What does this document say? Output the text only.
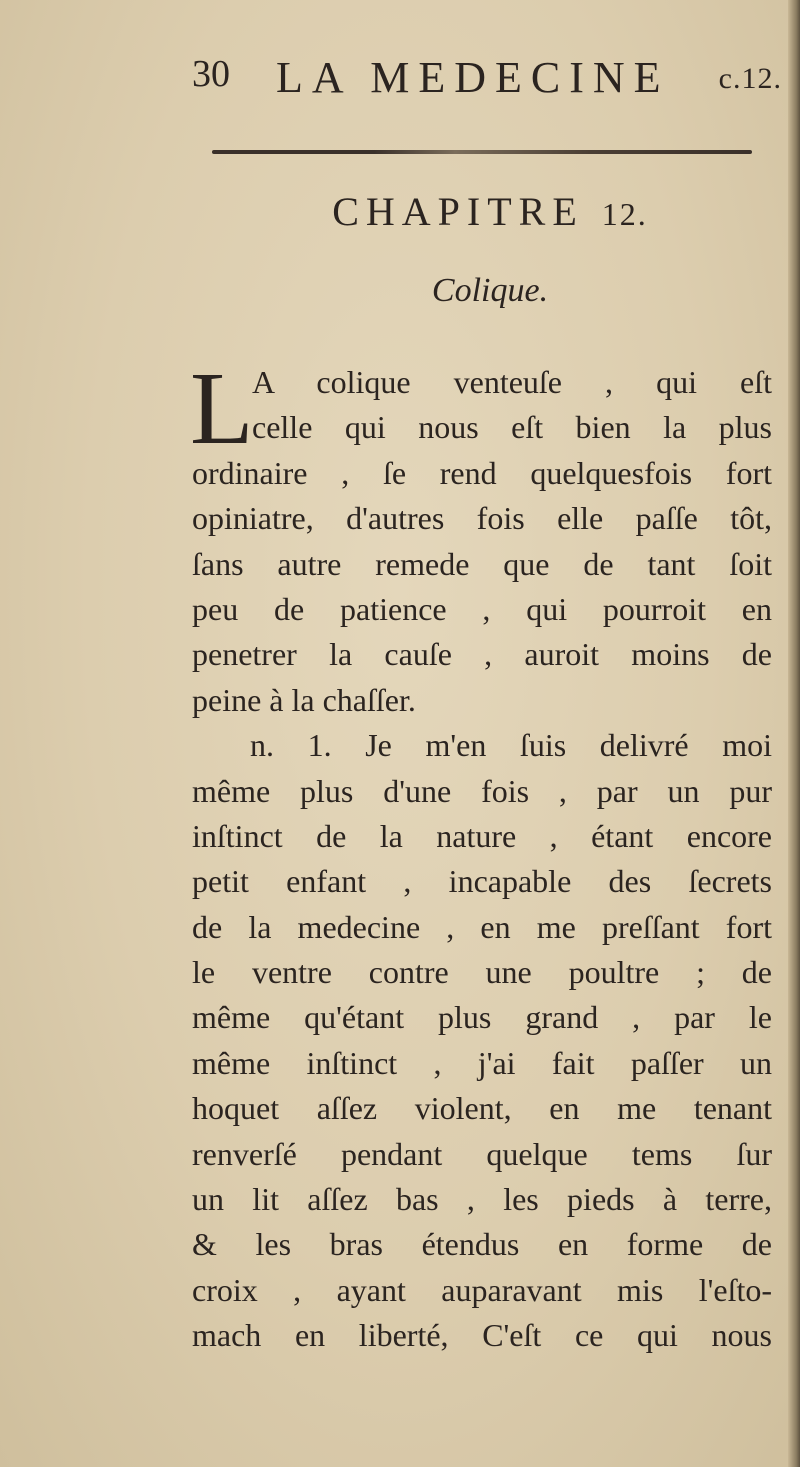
30 LA MEDECINE c.12.
CHAPITRE 12.
Colique.
L
A colique venteuſe , qui eſt
celle qui nous eſt bien la plus
ordinaire , ſe rend quelquesfois fort
opiniatre, d'autres fois elle paſſe tôt,
ſans autre remede que de tant ſoit
peu de patience , qui pourroit en
penetrer la cauſe , auroit moins de
peine à la chaſſer.
n. 1. Je m'en ſuis delivré moi
même plus d'une fois , par un pur
inſtinct de la nature , étant encore
petit enfant , incapable des ſecrets
de la medecine , en me preſſant fort
le ventre contre une poultre ; de
même qu'étant plus grand , par le
même inſtinct , j'ai fait paſſer un
hoquet aſſez violent, en me tenant
renverſé pendant quelque tems ſur
un lit aſſez bas , les pieds à terre,
& les bras étendus en forme de
croix , ayant auparavant mis l'eſto-
mach en liberté, C'eſt ce qui nous
